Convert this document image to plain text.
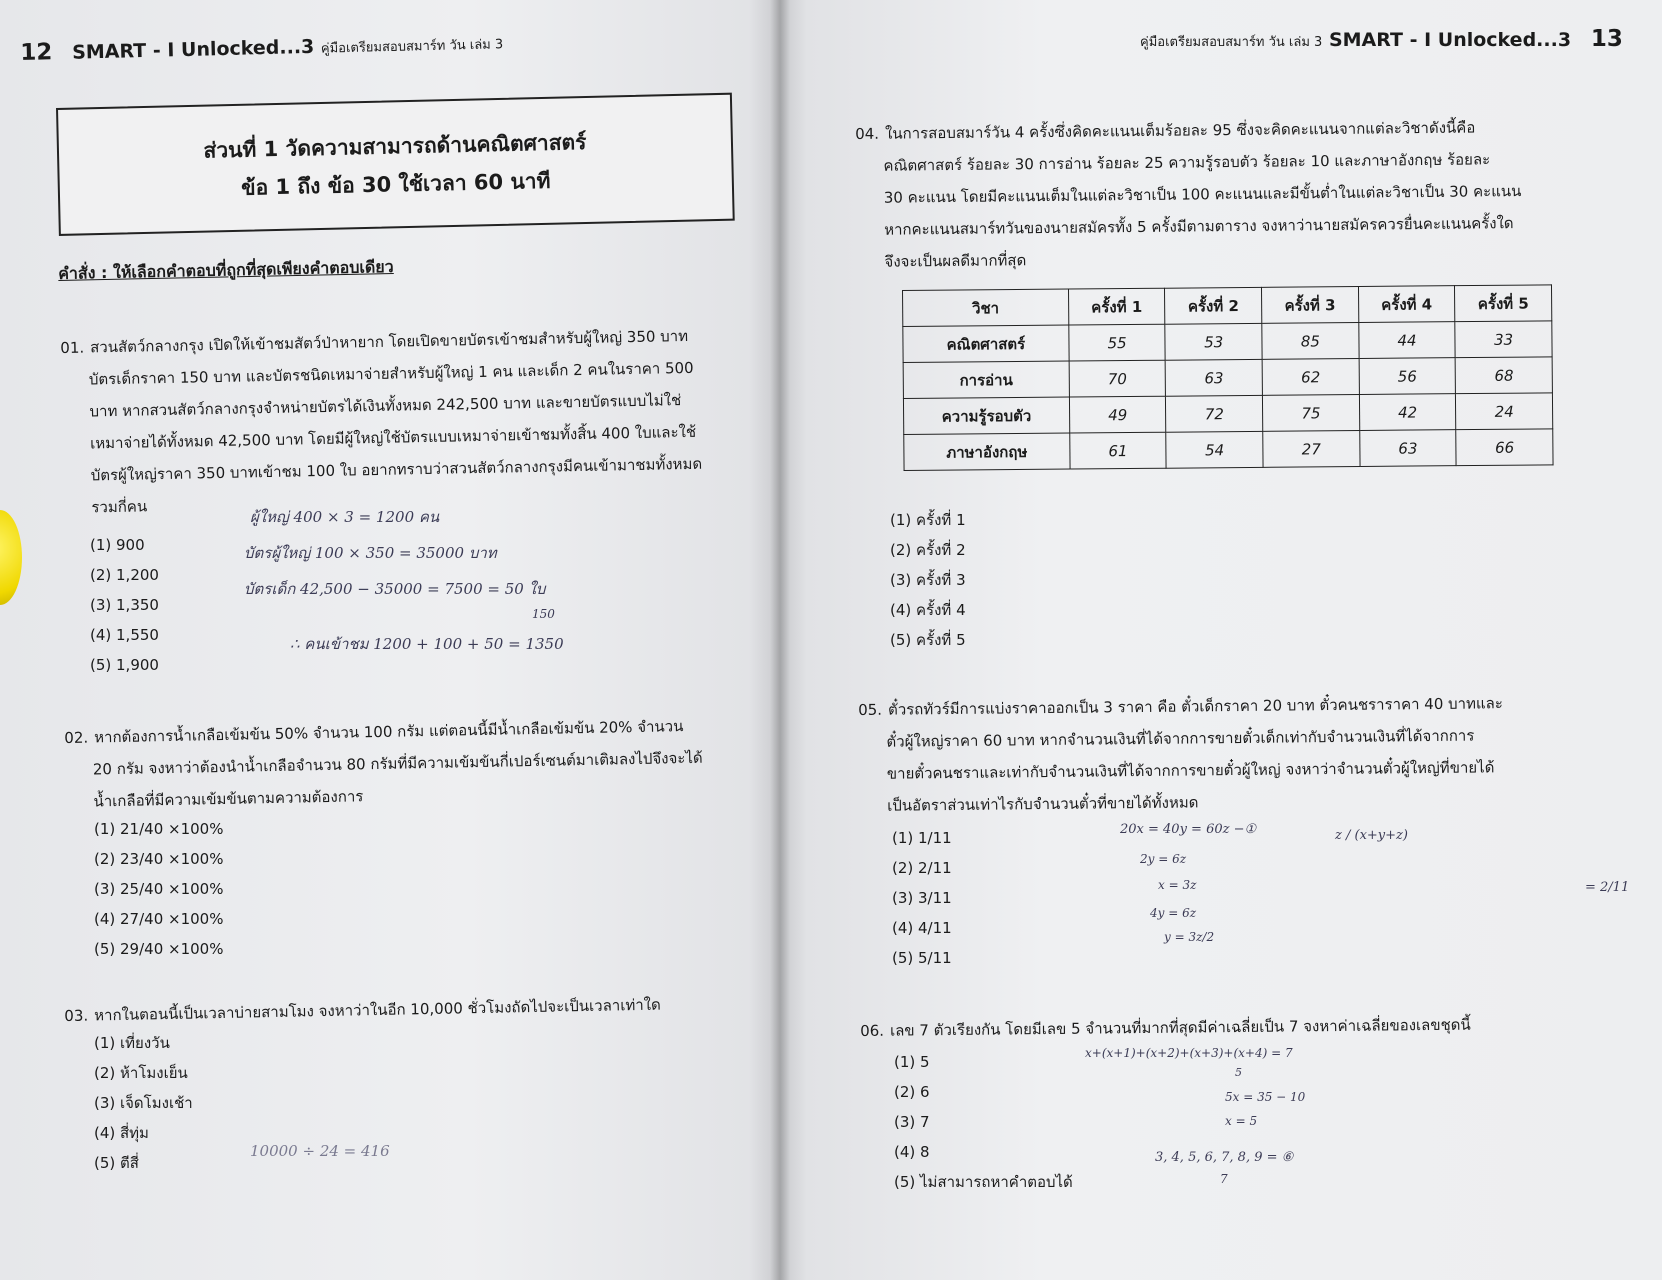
12 SMART - I Unlocked...3 คู่มือเตรียมสอบสมาร์ท วัน เล่ม 3
ส่วนที่ 1 วัดความสามารถด้านคณิตศาสตร์
ข้อ 1 ถึง ข้อ 30 ใช้เวลา 60 นาที
คำสั่ง : ให้เลือกคำตอบที่ถูกที่สุดเพียงคำตอบเดียว
01. สวนสัตว์กลางกรุง เปิดให้เข้าชมสัตว์ป่าหายาก โดยเปิดขายบัตรเข้าชมสำหรับผู้ใหญ่ 350 บาท
บัตรเด็กราคา 150 บาท และบัตรชนิดเหมาจ่ายสำหรับผู้ใหญ่ 1 คน และเด็ก 2 คนในราคา 500
บาท หากสวนสัตว์กลางกรุงจำหน่ายบัตรได้เงินทั้งหมด 242,500 บาท และขายบัตรแบบไม่ใช่
เหมาจ่ายได้ทั้งหมด 42,500 บาท โดยมีผู้ใหญ่ใช้บัตรแบบเหมาจ่ายเข้าชมทั้งสิ้น 400 ใบและใช้
บัตรผู้ใหญ่ราคา 350 บาทเข้าชม 100 ใบ อยากทราบว่าสวนสัตว์กลางกรุงมีคนเข้ามาชมทั้งหมด
รวมกี่คน
(1) 900
(2) 1,200
(3) 1,350
(4) 1,550
(5) 1,900
ผู้ใหญ่ 400 × 3 = 1200 คน
บัตรผู้ใหญ่ 100 × 350 = 35000 บาท
บัตรเด็ก 42,500 − 35000 = 7500 = 50 ใบ
150
∴ คนเข้าชม 1200 + 100 + 50 = 1350
02. หากต้องการน้ำเกลือเข้มข้น 50% จำนวน 100 กรัม แต่ตอนนี้มีน้ำเกลือเข้มข้น 20% จำนวน
20 กรัม จงหาว่าต้องนำน้ำเกลือจำนวน 80 กรัมที่มีความเข้มข้นกี่เปอร์เซนต์มาเติมลงไปจึงจะได้
น้ำเกลือที่มีความเข้มข้นตามความต้องการ
(1) 21/40 ×100%
(2) 23/40 ×100%
(3) 25/40 ×100%
(4) 27/40 ×100%
(5) 29/40 ×100%
03. หากในตอนนี้เป็นเวลาบ่ายสามโมง จงหาว่าในอีก 10,000 ชั่วโมงถัดไปจะเป็นเวลาเท่าใด
(1) เที่ยงวัน
(2) ห้าโมงเย็น
(3) เจ็ดโมงเช้า
(4) สี่ทุ่ม
(5) ตีสี่
10000 ÷ 24 = 416
คู่มือเตรียมสอบสมาร์ท วัน เล่ม 3 SMART - I Unlocked...3 13
04. ในการสอบสมาร์วัน 4 ครั้งซึ่งคิดคะแนนเต็มร้อยละ 95 ซึ่งจะคิดคะแนนจากแต่ละวิชาดังนี้คือ
คณิตศาสตร์ ร้อยละ 30 การอ่าน ร้อยละ 25 ความรู้รอบตัว ร้อยละ 10 และภาษาอังกฤษ ร้อยละ
30 คะแนน โดยมีคะแนนเต็มในแต่ละวิชาเป็น 100 คะแนนและมีขั้นต่ำในแต่ละวิชาเป็น 30 คะแนน
หากคะแนนสมาร์ทวันของนายสมัครทั้ง 5 ครั้งมีตามตาราง จงหาว่านายสมัครควรยื่นคะแนนครั้งใด
จึงจะเป็นผลดีมากที่สุด
วิชา	ครั้งที่ 1	ครั้งที่ 2	ครั้งที่ 3	ครั้งที่ 4	ครั้งที่ 5
คณิตศาสตร์	55	53	85	44	33
การอ่าน	70	63	62	56	68
ความรู้รอบตัว	49	72	75	42	24
ภาษาอังกฤษ	61	54	27	63	66
(1) ครั้งที่ 1
(2) ครั้งที่ 2
(3) ครั้งที่ 3
(4) ครั้งที่ 4
(5) ครั้งที่ 5
05. ตั๋วรถทัวร์มีการแบ่งราคาออกเป็น 3 ราคา คือ ตั๋วเด็กราคา 20 บาท ตั๋วคนชราราคา 40 บาทและ
ตั๋วผู้ใหญ่ราคา 60 บาท หากจำนวนเงินที่ได้จากการขายตั๋วเด็กเท่ากับจำนวนเงินที่ได้จากการ
ขายตั๋วคนชราและเท่ากับจำนวนเงินที่ได้จากการขายตั๋วผู้ใหญ่ จงหาว่าจำนวนตั๋วผู้ใหญ่ที่ขายได้
เป็นอัตราส่วนเท่าไรกับจำนวนตั๋วที่ขายได้ทั้งหมด
(1) 1/11
(2) 2/11
(3) 3/11
(4) 4/11
(5) 5/11
20x = 40y = 60z −①
2y = 6z
x = 3z
4y = 6z
y = 3z/2
z / (x+y+z)
= 2/11
06. เลข 7 ตัวเรียงกัน โดยมีเลข 5 จำนวนที่มากที่สุดมีค่าเฉลี่ยเป็น 7 จงหาค่าเฉลี่ยของเลขชุดนี้
(1) 5
(2) 6
(3) 7
(4) 8
(5) ไม่สามารถหาคำตอบได้
x+(x+1)+(x+2)+(x+3)+(x+4) = 7
5
5x = 35 − 10
x = 5
3, 4, 5, 6, 7, 8, 9 = ⑥
7
